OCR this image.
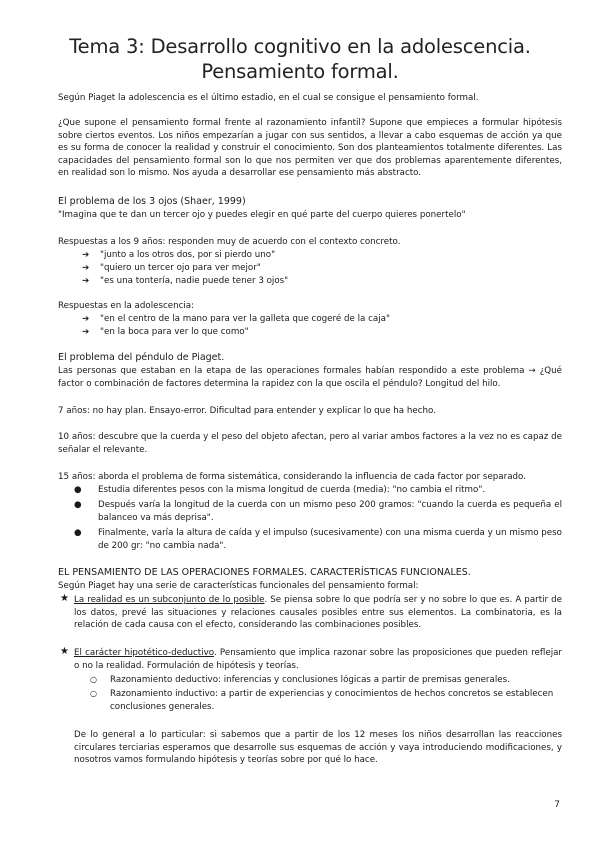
Tema 3: Desarrollo cognitivo en la adolescencia.
Pensamiento formal.
Según Piaget la adolescencia es el último estadio, en el cual se consigue el pensamiento formal.
¿Que supone el pensamiento formal frente al razonamiento infantil? Supone que empieces a formular hipótesis sobre ciertos eventos. Los niños empezarían a jugar con sus sentidos, a llevar a cabo esquemas de acción ya que es su forma de conocer la realidad y construir el conocimiento. Son dos planteamientos totalmente diferentes. Las capacidades del pensamiento formal son lo que nos permiten ver que dos problemas aparentemente diferentes, en realidad son lo mismo. Nos ayuda a desarrollar ese pensamiento más abstracto.
El problema de los 3 ojos (Shaer, 1999)
"Imagina que te dan un tercer ojo y puedes elegir en qué parte del cuerpo quieres ponertelo"
Respuestas a los 9 años: responden muy de acuerdo con el contexto concreto.
➔ "junto a los otros dos, por si pierdo uno"
➔ "quiero un tercer ojo para ver mejor"
➔ "es una tontería, nadie puede tener 3 ojos"
Respuestas en la adolescencia:
➔ "en el centro de la mano para ver la galleta que cogeré de la caja"
➔ "en la boca para ver lo que como"
El problema del péndulo de Piaget.
Las personas que estaban en la etapa de las operaciones formales habían respondido a este problema → ¿Qué factor o combinación de factores determina la rapidez con la que oscila el péndulo? Longitud del hilo.
7 años: no hay plan. Ensayo-error. Dificultad para entender y explicar lo que ha hecho.
10 años: descubre que la cuerda y el peso del objeto afectan, pero al variar ambos factores a la vez no es capaz de señalar el relevante.
15 años: aborda el problema de forma sistemática, considerando la influencia de cada factor por separado.
● Estudia diferentes pesos con la misma longitud de cuerda (media): "no cambia el ritmo".
● Después varía la longitud de la cuerda con un mismo peso 200 gramos: "cuando la cuerda es pequeña el balanceo va más deprisa".
● Finalmente, varía la altura de caída y el impulso (sucesivamente) con una misma cuerda y un mismo peso de 200 gr: "no cambia nada".
EL PENSAMIENTO DE LAS OPERACIONES FORMALES. CARACTERÍSTICAS FUNCIONALES.
Según Piaget hay una serie de características funcionales del pensamiento formal:
★ La realidad es un subconjunto de lo posible. Se piensa sobre lo que podría ser y no sobre lo que es. A partir de los datos, prevé las situaciones y relaciones causales posibles entre sus elementos. La combinatoria, es la relación de cada causa con el efecto, considerando las combinaciones posibles.
★ El carácter hipotético-deductivo. Pensamiento que implica razonar sobre las proposiciones que pueden reflejar o no la realidad. Formulación de hipótesis y teorías.
○ Razonamiento deductivo: inferencias y conclusiones lógicas a partir de premisas generales.
○ Razonamiento inductivo: a partir de experiencias y conocimientos de hechos concretos se establecen conclusiones generales.
De lo general a lo particular: si sabemos que a partir de los 12 meses los niños desarrollan las reacciones circulares terciarias esperamos que desarrolle sus esquemas de acción y vaya introduciendo modificaciones, y nosotros vamos formulando hipótesis y teorías sobre por qué lo hace.
7
